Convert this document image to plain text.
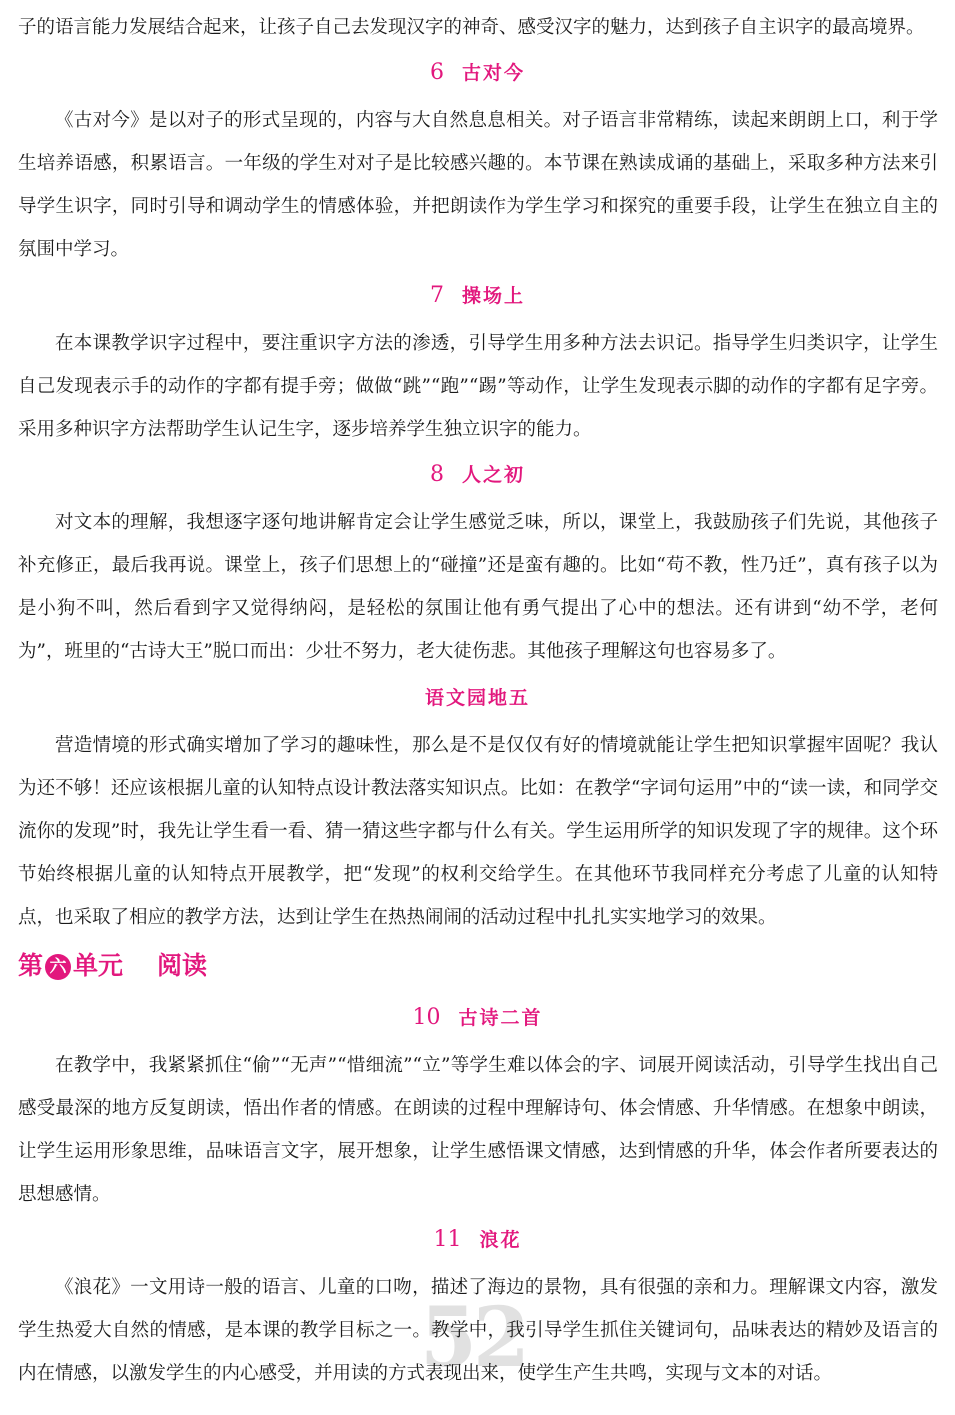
子的语言能力发展结合起来，让孩子自己去发现汉字的神奇、感受汉字的魅力，达到孩子自主识字的最高境界。

6 古对今

《古对今》是以对子的形式呈现的，内容与大自然息息相关。对子语言非常精练，读起来朗朗上口，利于学生培养语感，积累语言。一年级的学生对对子是比较感兴趣的。本节课在熟读成诵的基础上，采取多种方法来引导学生识字，同时引导和调动学生的情感体验，并把朗读作为学生学习和探究的重要手段，让学生在独立自主的氛围中学习。

7 操场上

在本课教学识字过程中，要注重识字方法的渗透，引导学生用多种方法去识记。指导学生归类识字，让学生自己发现表示手的动作的字都有提手旁；做做“跳”“跑”“踢”等动作，让学生发现表示脚的动作的字都有足字旁。采用多种识字方法帮助学生认记生字，逐步培养学生独立识字的能力。

8 人之初

对文本的理解，我想逐字逐句地讲解肯定会让学生感觉乏味，所以，课堂上，我鼓励孩子们先说，其他孩子补充修正，最后我再说。课堂上，孩子们思想上的“碰撞”还是蛮有趣的。比如“苟不教，性乃迁”，真有孩子以为是小狗不叫，然后看到字又觉得纳闷，是轻松的氛围让他有勇气提出了心中的想法。还有讲到“幼不学，老何为”，班里的“古诗大王”脱口而出：少壮不努力，老大徒伤悲。其他孩子理解这句也容易多了。

语文园地五

营造情境的形式确实增加了学习的趣味性，那么是不是仅仅有好的情境就能让学生把知识掌握牢固呢？我认为还不够！还应该根据儿童的认知特点设计教法落实知识点。比如：在教学“字词句运用”中的“读一读，和同学交流你的发现”时，我先让学生看一看、猜一猜这些字都与什么有关。学生运用所学的知识发现了字的规律。这个环节始终根据儿童的认知特点开展教学，把“发现”的权利交给学生。在其他环节我同样充分考虑了儿童的认知特点，也采取了相应的教学方法，达到让学生在热热闹闹的活动过程中扎扎实实地学习的效果。

第 六 单元 阅读
10 古诗二首

在教学中，我紧紧抓住“偷”“无声”“惜细流”“立”等学生难以体会的字、词展开阅读活动，引导学生找出自己感受最深的地方反复朗读，悟出作者的情感。在朗读的过程中理解诗句、体会情感、升华情感。在想象中朗读，让学生运用形象思维，品味语言文字，展开想象，让学生感悟课文情感，达到情感的升华，体会作者所要表达的思想感情。

11 浪花
52

《浪花》一文用诗一般的语言、儿童的口吻，描述了海边的景物，具有很强的亲和力。理解课文内容，激发学生热爱大自然的情感，是本课的教学目标之一。教学中，我引导学生抓住关键词句，品味表达的精妙及语言的内在情感，以激发学生的内心感受，并用读的方式表现出来，使学生产生共鸣，实现与文本的对话。
